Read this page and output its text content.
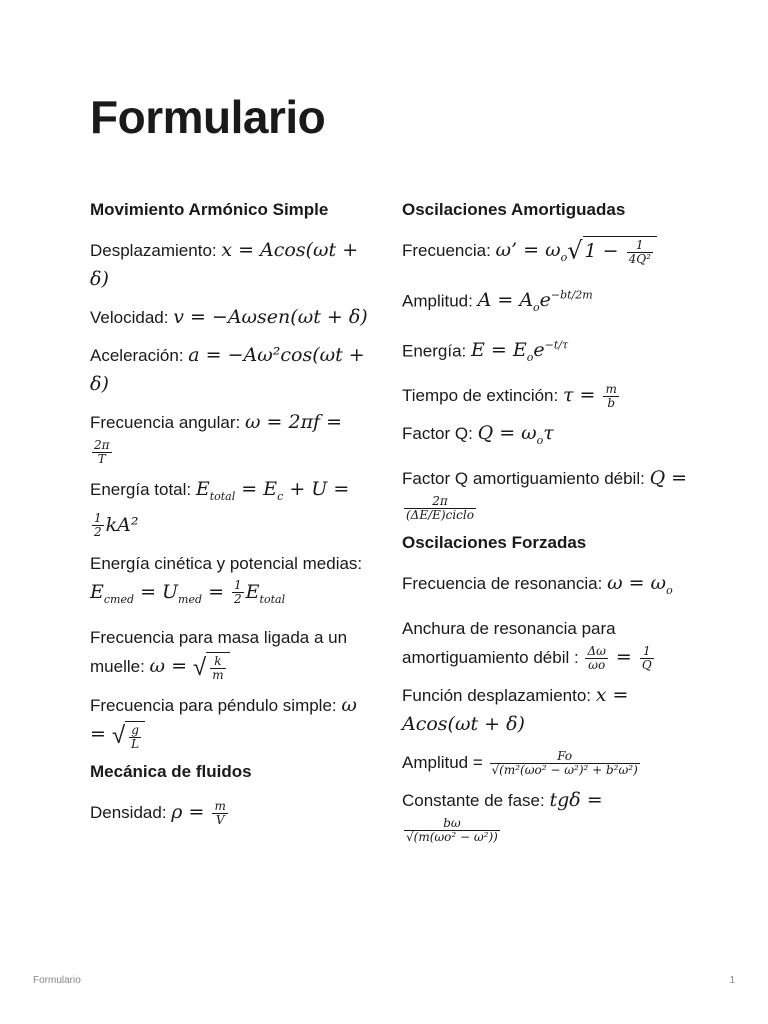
Formulario
Movimiento Armónico Simple
Desplazamiento: x = Acos(ωt + δ)
Velocidad: v = −Aωsen(ωt + δ)
Aceleración: a = −Aω²cos(ωt + δ)
Frecuencia angular: ω = 2πf =
$\frac{2\pi}{T}$
Energía total: $E_{total} = E_c + U$ =
$\frac{1}{2} kA^2$
Energía cinética y potencial medias: $E_{cmed} = U_{med} = \frac{1}{2} E_{total}$
Frecuencia para masa ligada a un muelle: ω = √ $\frac{k}{m}$
Frecuencia para péndulo simple: ω = √ $\frac{g}{L}$
Mecánica de fluidos
Densidad: $\rho = \frac{m}{V}$
Oscilaciones Amortiguadas
Frecuencia: ω’ = $\omega_o√$ $1 - \frac{1}{\text{4Q²}}$
Amplitud: $A = A_oe^{-bt/2m}$
Energía: $E = E_oe^{-t/\tau}$
Tiempo de extinción: $\tau = \frac{m}{b}$
Factor Q: $Q = \omega_o\tau$
Factor Q amortiguamiento débil: Q =
$\frac{2\pi}{\text{(ΔE/E)ciclo}}$
Oscilaciones Forzadas
Frecuencia de resonancia: $\omega = \omega_o$
Anchura de resonancia para amortiguamiento débil : $\frac{\Delta\omega}{\omega o} = \frac{1}{Q}$
Función desplazamiento: x = Acos(ωt + δ)
Amplitud = $\frac{Fo}{\text{√(m²(ωo² − ω²)² + b²ω²)}}$
Constante de fase: tgδ =
$\frac{b\omega}{\text{√(m(ωo² − ω²))}}$
Formulario	1
